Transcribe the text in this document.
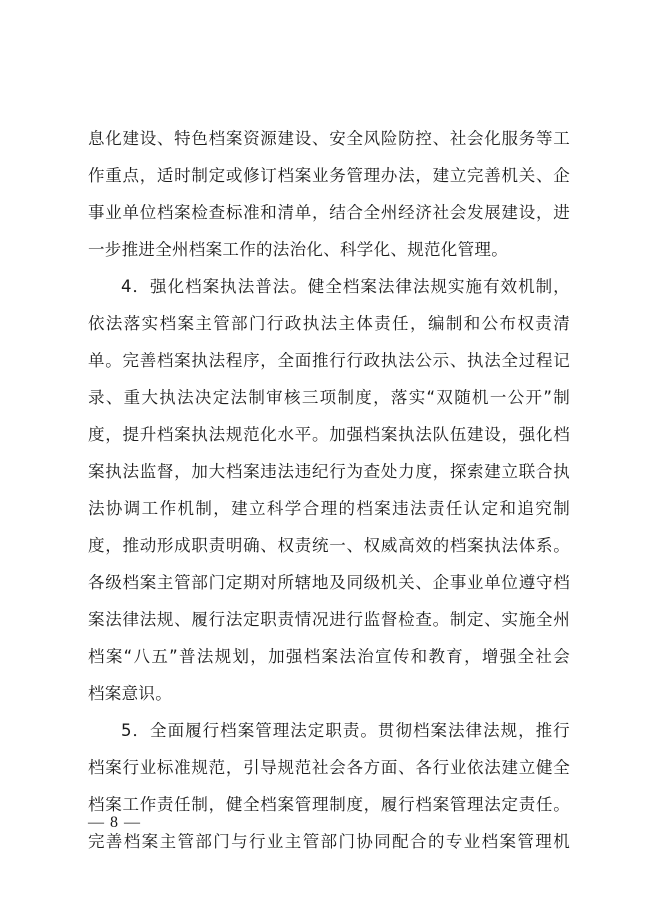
息化建设、特色档案资源建设、安全风险防控、社会化服务等工
作重点，适时制定或修订档案业务管理办法，建立完善机关、企
事业单位档案检查标准和清单，结合全州经济社会发展建设，进
一步推进全州档案工作的法治化、科学化、规范化管理。
4．强化档案执法普法。健全档案法律法规实施有效机制，
依法落实档案主管部门行政执法主体责任，编制和公布权责清
单。完善档案执法程序，全面推行行政执法公示、执法全过程记
录、重大执法决定法制审核三项制度，落实“双随机一公开”制
度，提升档案执法规范化水平。加强档案执法队伍建设，强化档
案执法监督，加大档案违法违纪行为查处力度，探索建立联合执
法协调工作机制，建立科学合理的档案违法责任认定和追究制
度，推动形成职责明确、权责统一、权威高效的档案执法体系。
各级档案主管部门定期对所辖地及同级机关、企事业单位遵守档
案法律法规、履行法定职责情况进行监督检查。制定、实施全州
档案“八五”普法规划，加强档案法治宣传和教育，增强全社会
档案意识。
5．全面履行档案管理法定职责。贯彻档案法律法规，推行
档案行业标准规范，引导规范社会各方面、各行业依法建立健全
档案工作责任制，健全档案管理制度，履行档案管理法定责任。
完善档案主管部门与行业主管部门协同配合的专业档案管理机
— 8 —
